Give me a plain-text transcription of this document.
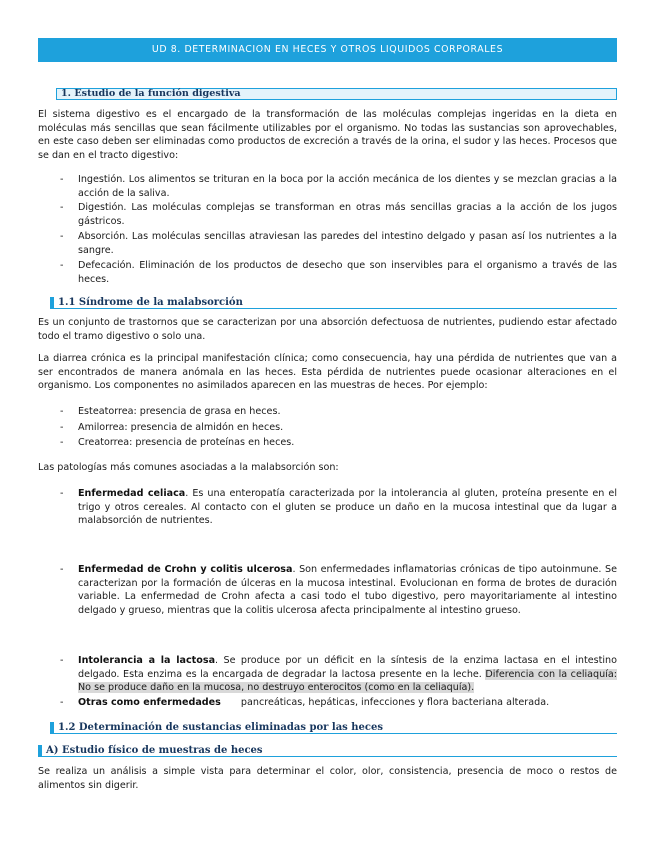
UD 8. DETERMINACION EN HECES Y OTROS LIQUIDOS CORPORALES
1. Estudio de la función digestiva

El sistema digestivo es el encargado de la transformación de las moléculas complejas ingeridas en la dieta en moléculas más sencillas que sean fácilmente utilizables por el organismo. No todas las sustancias son aprovechables, en este caso deben ser eliminadas como productos de excreción a través de la orina, el sudor y las heces. Procesos que se dan en el tracto digestivo:

- Ingestión. Los alimentos se trituran en la boca por la acción mecánica de los dientes y se mezclan gracias a la acción de la saliva.
- Digestión. Las moléculas complejas se transforman en otras más sencillas gracias a la acción de los jugos gástricos.
- Absorción. Las moléculas sencillas atraviesan las paredes del intestino delgado y pasan así los nutrientes a la sangre.
- Defecación. Eliminación de los productos de desecho que son inservibles para el organismo a través de las heces.
1.1 Síndrome de la malabsorción

Es un conjunto de trastornos que se caracterizan por una absorción defectuosa de nutrientes, pudiendo estar afectado todo el tramo digestivo o solo una.

La diarrea crónica es la principal manifestación clínica; como consecuencia, hay una pérdida de nutrientes que van a ser encontrados de manera anómala en las heces. Esta pérdida de nutrientes puede ocasionar alteraciones en el organismo. Los componentes no asimilados aparecen en las muestras de heces. Por ejemplo:

- Esteatorrea: presencia de grasa en heces.
- Amilorrea: presencia de almidón en heces.
- Creatorrea: presencia de proteínas en heces.

Las patologías más comunes asociadas a la malabsorción son:

- Enfermedad celiaca. Es una enteropatía caracterizada por la intolerancia al gluten, proteína presente en el trigo y otros cereales. Al contacto con el gluten se produce un daño en la mucosa intestinal que da lugar a malabsorción de nutrientes.
- Enfermedad de Crohn y colitis ulcerosa. Son enfermedades inflamatorias crónicas de tipo autoinmune. Se caracterizan por la formación de úlceras en la mucosa intestinal. Evolucionan en forma de brotes de duración variable. La enfermedad de Crohn afecta a casi todo el tubo digestivo, pero mayoritariamente al intestino delgado y grueso, mientras que la colitis ulcerosa afecta principalmente al intestino grueso.
- Intolerancia a la lactosa. Se produce por un déficit en la síntesis de la enzima lactasa en el intestino delgado. Esta enzima es la encargada de degradar la lactosa presente en la leche. Diferencia con la celiaquía: No se produce daño en la mucosa, no destruyo enterocitos (como en la celiaquía).
- Otras como enfermedades pancreáticas, hepáticas, infecciones y flora bacteriana alterada.
1.2 Determinación de sustancias eliminadas por las heces
A) Estudio físico de muestras de heces

Se realiza un análisis a simple vista para determinar el color, olor, consistencia, presencia de moco o restos de alimentos sin digerir.
